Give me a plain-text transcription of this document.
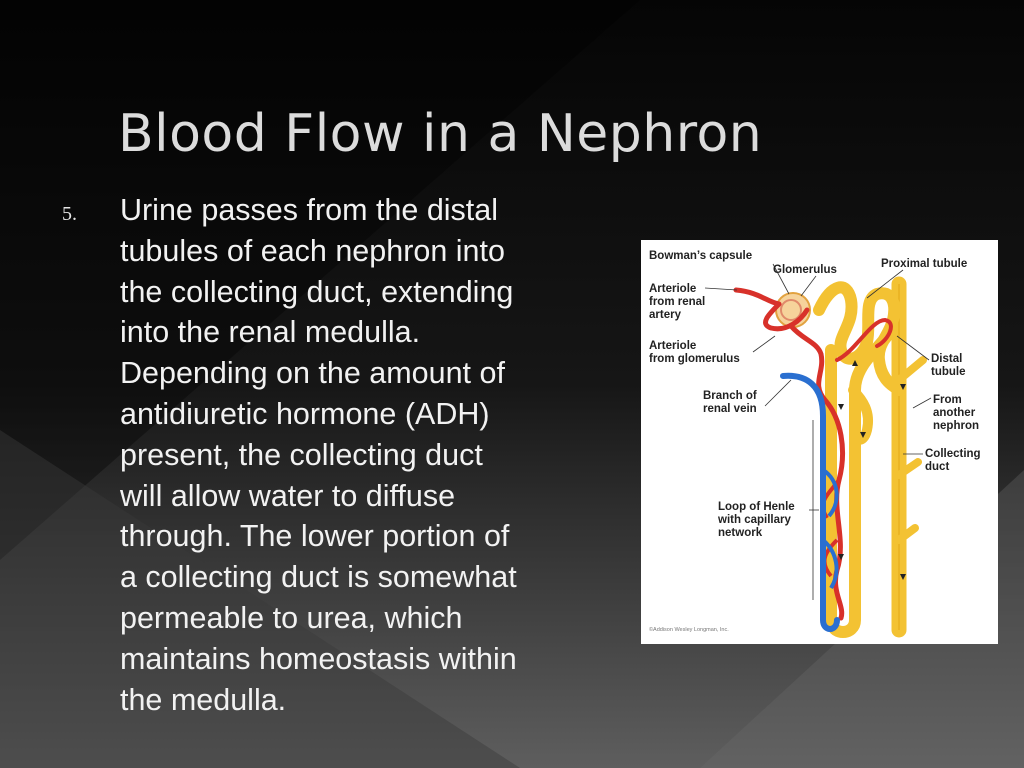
Blood Flow in a Nephron
5. Urine passes from the distal
tubules of each nephron into
the collecting duct, extending
into the renal medulla.
Depending on the amount of
antidiuretic hormone (ADH)
present, the collecting duct
will allow water to diffuse
through. The lower portion of
a collecting duct is somewhat
permeable to urea, which
maintains homeostasis within
the medulla.

Bowman’s capsule
Glomerulus	Proximal tubule
Arteriole
from renal
artery
Arteriole
from glomerulus	Distal
tubule
Branch of
renal vein
From
another
nephron
Collecting
duct
Loop of Henle
with capillary
network
©Addison Wesley Longman, Inc.
